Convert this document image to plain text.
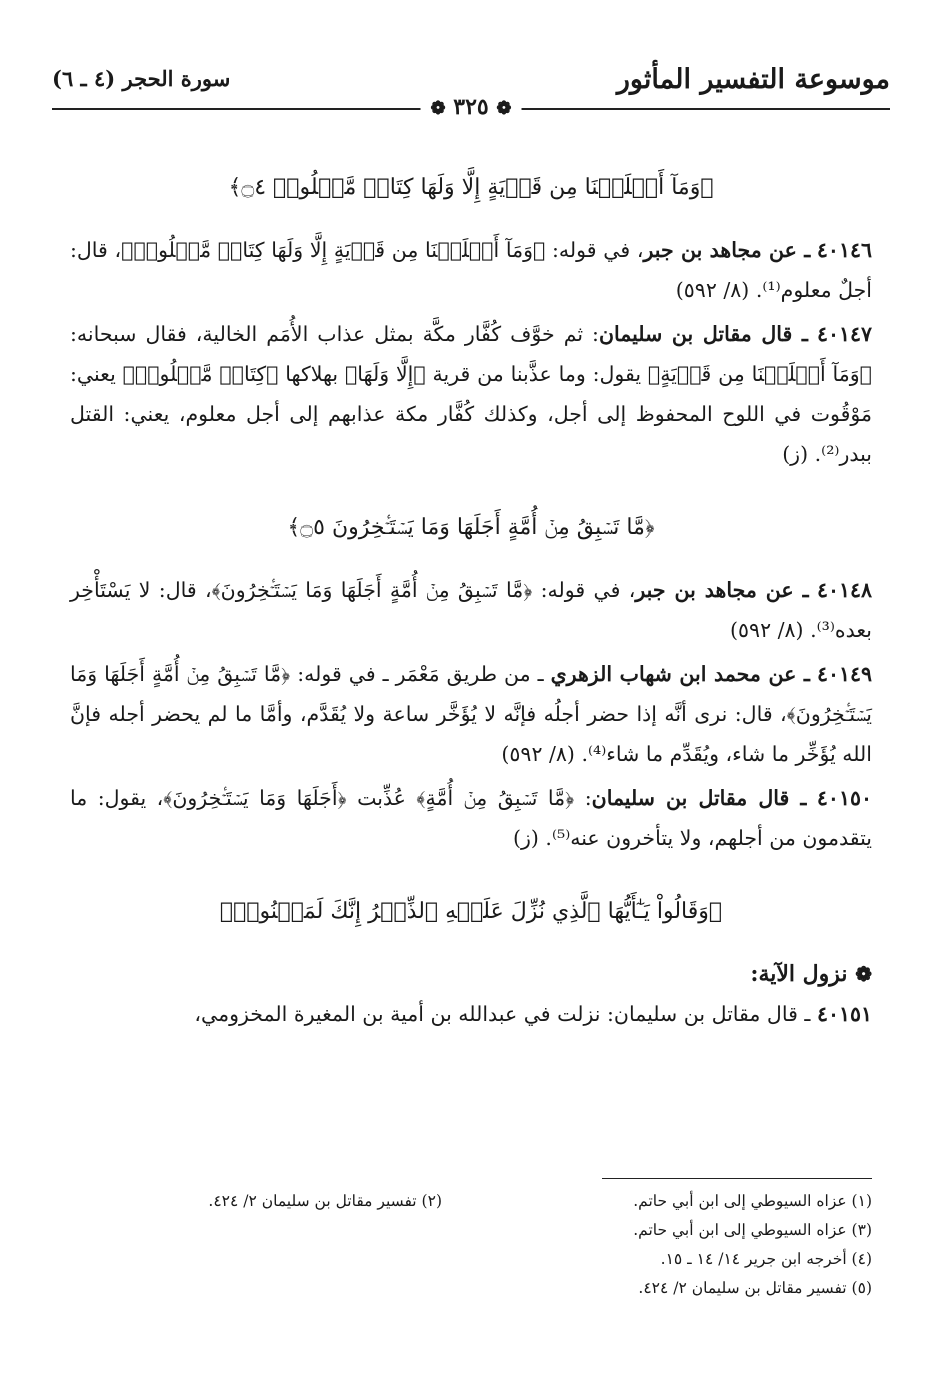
موسوعة التفسير المأثور
سورة الحجر (٤ ـ ٦)
❁ ٣٢٥ ❁
﴿وَمَآ أَهۡلَكۡنَا مِن قَرۡيَةٍ إِلَّا وَلَهَا كِتَابٞ مَّعۡلُومٞ ۝٤﴾

٤٠١٤٦ ـ عن مجاهد بن جبر، في قوله: ﴿وَمَآ أَهۡلَكۡنَا مِن قَرۡيَةٍ إِلَّا وَلَهَا كِتَابٞ مَّعۡلُومٞ﴾، قال: أجلٌ معلوم⁽¹⁾. (٨/ ٥٩٢)

٤٠١٤٧ ـ قال مقاتل بن سليمان: ثم خوَّف كُفَّار مكَّة بمثل عذاب الأُمَم الخالية، فقال سبحانه: ﴿وَمَآ أَهۡلَكۡنَا مِن قَرۡيَةٍ﴾ يقول: وما عذَّبنا من قرية ﴿إِلَّا وَلَهَا﴾ بهلاكها ﴿كِتَابٞ مَّعۡلُومٞ﴾ يعني: مَوْقُوت في اللوح المحفوظ إلى أجل، وكذلك كُفَّار مكة عذابهم إلى أجل معلوم، يعني: القتل ببدر⁽²⁾. (ز)

﴿مَّا تَسۡبِقُ مِنۡ أُمَّةٍ أَجَلَهَا وَمَا يَسۡتَـٔۡخِرُونَ ۝٥﴾

٤٠١٤٨ ـ عن مجاهد بن جبر، في قوله: ﴿مَّا تَسۡبِقُ مِنۡ أُمَّةٍ أَجَلَهَا وَمَا يَسۡتَـٔۡخِرُونَ﴾، قال: لا يَسْتَأْخِر بعده⁽³⁾. (٨/ ٥٩٢)

٤٠١٤٩ ـ عن محمد ابن شهاب الزهري ـ من طريق مَعْمَر ـ في قوله: ﴿مَّا تَسۡبِقُ مِنۡ أُمَّةٍ أَجَلَهَا وَمَا يَسۡتَـٔۡخِرُونَ﴾، قال: نرى أنَّه إذا حضر أجلُه فإنَّه لا يُؤَخَّر ساعة ولا يُقَدَّم، وأمَّا ما لم يحضر أجله فإنَّ الله يُؤَخِّر ما شاء، ويُقَدِّم ما شاء⁽⁴⁾. (٨/ ٥٩٢)

٤٠١٥٠ ـ قال مقاتل بن سليمان: ﴿مَّا تَسۡبِقُ مِنۡ أُمَّةٍ﴾ عُذِّبت ﴿أَجَلَهَا وَمَا يَسۡتَـٔۡخِرُونَ﴾، يقول: ما يتقدمون من أجلهم، ولا يتأخرون عنه⁽⁵⁾. (ز)

﴿وَقَالُواْ يَـٰٓأَيُّهَا ٱلَّذِي نُزِّلَ عَلَيۡهِ ٱلذِّكۡرُ إِنَّكَ لَمَجۡنُونٞ﴾
❁ نزول الآية:

٤٠١٥١ ـ قال مقاتل بن سليمان: نزلت في عبدالله بن أمية بن المغيرة المخزومي،

(١) عزاه السيوطي إلى ابن أبي حاتم.
(٣) عزاه السيوطي إلى ابن أبي حاتم.
(٤) أخرجه ابن جرير ١٤/ ١٤ ـ ١٥.
(٥) تفسير مقاتل بن سليمان ٢/ ٤٢٤.
(٢) تفسير مقاتل بن سليمان ٢/ ٤٢٤.
